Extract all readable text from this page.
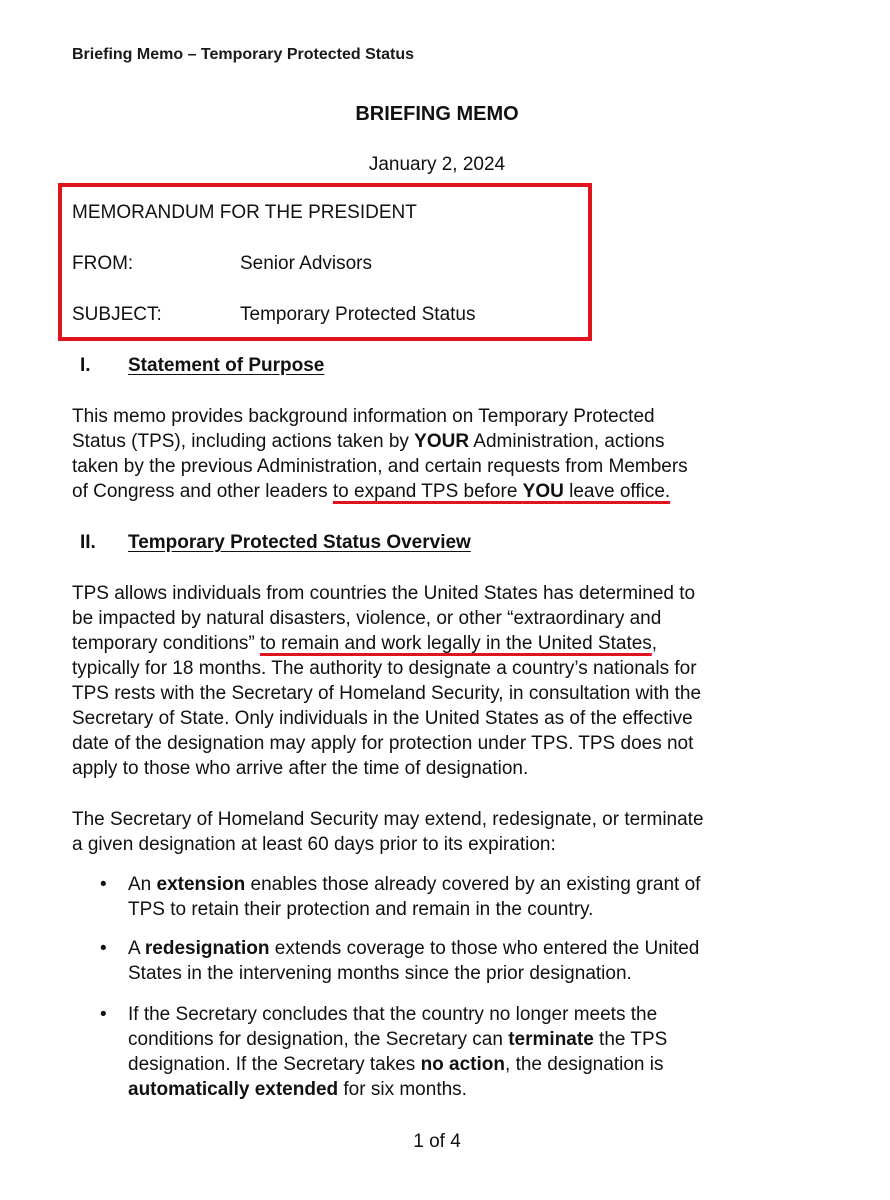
Briefing Memo – Temporary Protected Status
BRIEFING MEMO
January 2, 2024
MEMORANDUM FOR THE PRESIDENT
FROM:	Senior Advisors
SUBJECT:	Temporary Protected Status
I. Statement of Purpose

This memo provides background information on Temporary Protected
Status (TPS), including actions taken by YOUR Administration, actions
taken by the previous Administration, and certain requests from Members
of Congress and other leaders to expand TPS before YOU leave office.

II. Temporary Protected Status Overview

TPS allows individuals from countries the United States has determined to
be impacted by natural disasters, violence, or other “extraordinary and
temporary conditions” to remain and work legally in the United States,
typically for 18 months. The authority to designate a country’s nationals for
TPS rests with the Secretary of Homeland Security, in consultation with the
Secretary of State. Only individuals in the United States as of the effective
date of the designation may apply for protection under TPS. TPS does not
apply to those who arrive after the time of designation.

The Secretary of Homeland Security may extend, redesignate, or terminate
a given designation at least 60 days prior to its expiration:

• An extension enables those already covered by an existing grant of
TPS to retain their protection and remain in the country.

• A redesignation extends coverage to those who entered the United
States in the intervening months since the prior designation.

• If the Secretary concludes that the country no longer meets the
conditions for designation, the Secretary can terminate the TPS
designation. If the Secretary takes no action, the designation is
automatically extended for six months.

1 of 4
